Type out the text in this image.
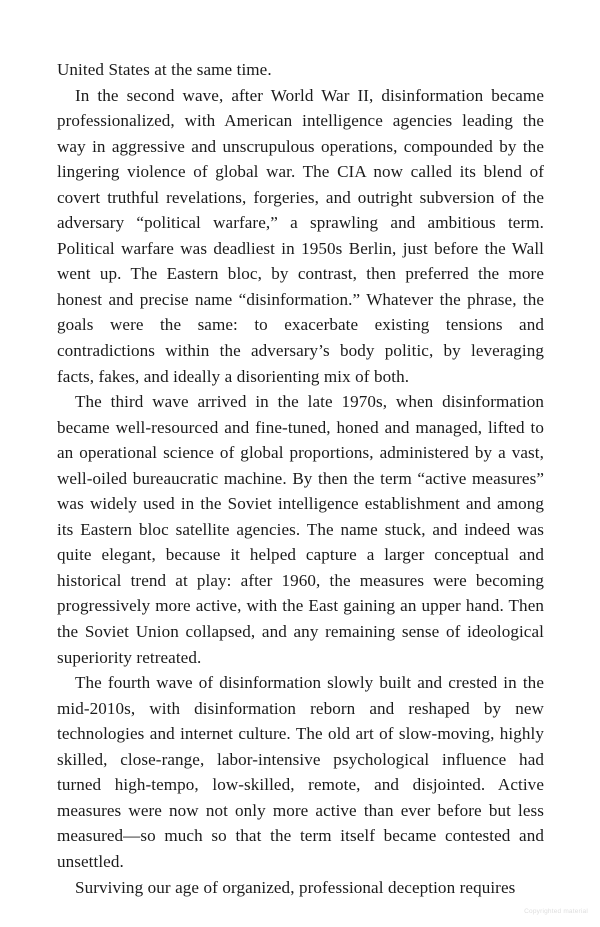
United States at the same time.

In the second wave, after World War II, disinformation became professionalized, with American intelligence agencies leading the way in aggressive and unscrupulous operations, compounded by the lingering violence of global war. The CIA now called its blend of covert truthful revelations, forgeries, and outright subversion of the adversary “political warfare,” a sprawling and ambitious term. Political warfare was deadliest in 1950s Berlin, just before the Wall went up. The Eastern bloc, by contrast, then preferred the more honest and precise name “disinformation.” Whatever the phrase, the goals were the same: to exacerbate existing tensions and contradictions within the adversary’s body politic, by leveraging facts, fakes, and ideally a disorienting mix of both.

The third wave arrived in the late 1970s, when disinformation became well-resourced and fine-tuned, honed and managed, lifted to an operational science of global proportions, administered by a vast, well-oiled bureaucratic machine. By then the term “active measures” was widely used in the Soviet intelligence establishment and among its Eastern bloc satellite agencies. The name stuck, and indeed was quite elegant, because it helped capture a larger conceptual and historical trend at play: after 1960, the measures were becoming progressively more active, with the East gaining an upper hand. Then the Soviet Union collapsed, and any remaining sense of ideological superiority retreated.

The fourth wave of disinformation slowly built and crested in the mid-2010s, with disinformation reborn and reshaped by new technologies and internet culture. The old art of slow-moving, highly skilled, close-range, labor-intensive psychological influence had turned high-tempo, low-skilled, remote, and disjointed. Active measures were now not only more active than ever before but less measured—so much so that the term itself became contested and unsettled.

Surviving our age of organized, professional deception requires

Copyrighted material
